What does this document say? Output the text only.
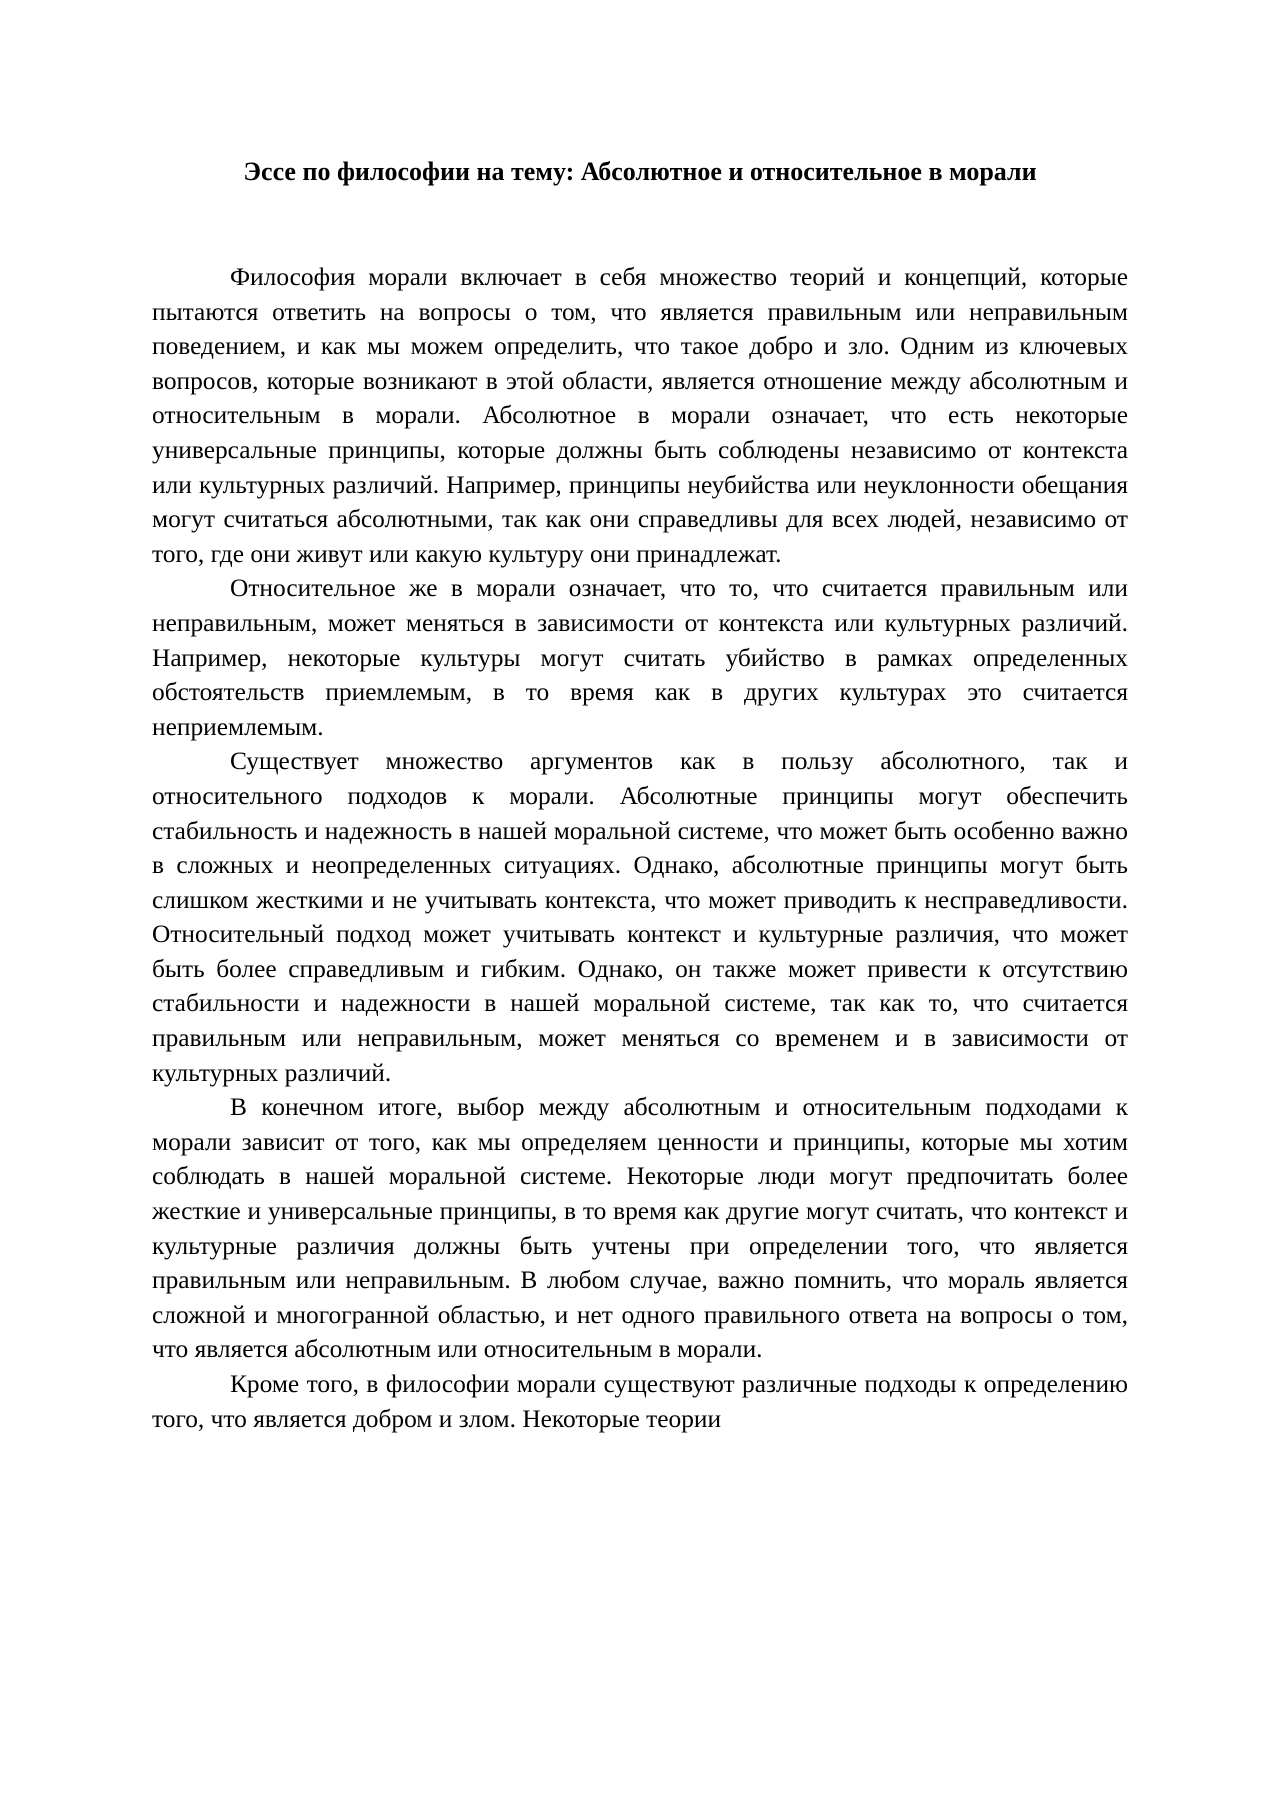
Эссе по философии на тему: Абсолютное и относительное в морали

Философия морали включает в себя множество теорий и концепций, которые пытаются ответить на вопросы о том, что является правильным или неправильным поведением, и как мы можем определить, что такое добро и зло. Одним из ключевых вопросов, которые возникают в этой области, является отношение между абсолютным и относительным в морали. Абсолютное в морали означает, что есть некоторые универсальные принципы, которые должны быть соблюдены независимо от контекста или культурных различий. Например, принципы неубийства или неуклонности обещания могут считаться абсолютными, так как они справедливы для всех людей, независимо от того, где они живут или какую культуру они принадлежат.

Относительное же в морали означает, что то, что считается правильным или неправильным, может меняться в зависимости от контекста или культурных различий. Например, некоторые культуры могут считать убийство в рамках определенных обстоятельств приемлемым, в то время как в других культурах это считается неприемлемым.

Существует множество аргументов как в пользу абсолютного, так и относительного подходов к морали. Абсолютные принципы могут обеспечить стабильность и надежность в нашей моральной системе, что может быть особенно важно в сложных и неопределенных ситуациях. Однако, абсолютные принципы могут быть слишком жесткими и не учитывать контекста, что может приводить к несправедливости. Относительный подход может учитывать контекст и культурные различия, что может быть более справедливым и гибким. Однако, он также может привести к отсутствию стабильности и надежности в нашей моральной системе, так как то, что считается правильным или неправильным, может меняться со временем и в зависимости от культурных различий.

В конечном итоге, выбор между абсолютным и относительным подходами к морали зависит от того, как мы определяем ценности и принципы, которые мы хотим соблюдать в нашей моральной системе. Некоторые люди могут предпочитать более жесткие и универсальные принципы, в то время как другие могут считать, что контекст и культурные различия должны быть учтены при определении того, что является правильным или неправильным. В любом случае, важно помнить, что мораль является сложной и многогранной областью, и нет одного правильного ответа на вопросы о том, что является абсолютным или относительным в морали.

Кроме того, в философии морали существуют различные подходы к определению того, что является добром и злом. Некоторые теории
